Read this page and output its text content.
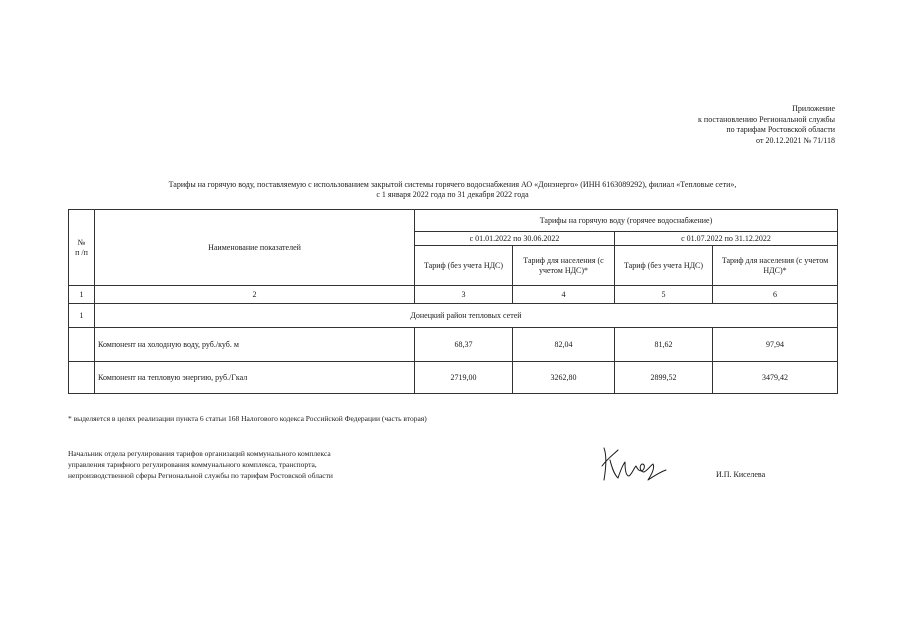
Приложение
к постановлению Региональной службы
по тарифам Ростовской области
от 20.12.2021 № 71/118
Тарифы на горячую воду, поставляемую с использованием закрытой системы горячего водоснабжения АО «Донэнерго» (ИНН 6163089292), филиал «Тепловые сети»,
с 1 января 2022 года по 31 декабря 2022 года
№
п /п	Наименование показателей	Тарифы на горячую воду (горячее водоснабжение)			
		с 01.01.2022 по 30.06.2022		с 01.07.2022 по 31.12.2022	
		Тариф (без учета НДС)	Тариф для населения (с учетом НДС)*	Тариф (без учета НДС)	Тариф для населения (с учетом НДС)*
1	2	3	4	5	6
1	Донецкий район тепловых сетей				
	Компонент на холодную воду, руб./куб. м	68,37	82,04	81,62	97,94
	Компонент на тепловую энергию, руб./Гкал	2719,00	3262,80	2899,52	3479,42
* выделяется в целях реализации пункта 6 статьи 168 Налогового кодекса Российской Федерации (часть вторая)
Начальник отдела регулирования тарифов организаций коммунального комплекса
управления тарифного регулирования коммунального комплекса, транспорта,
непроизводственной сферы Региональной службы по тарифам Ростовской области	И.П. Киселева
